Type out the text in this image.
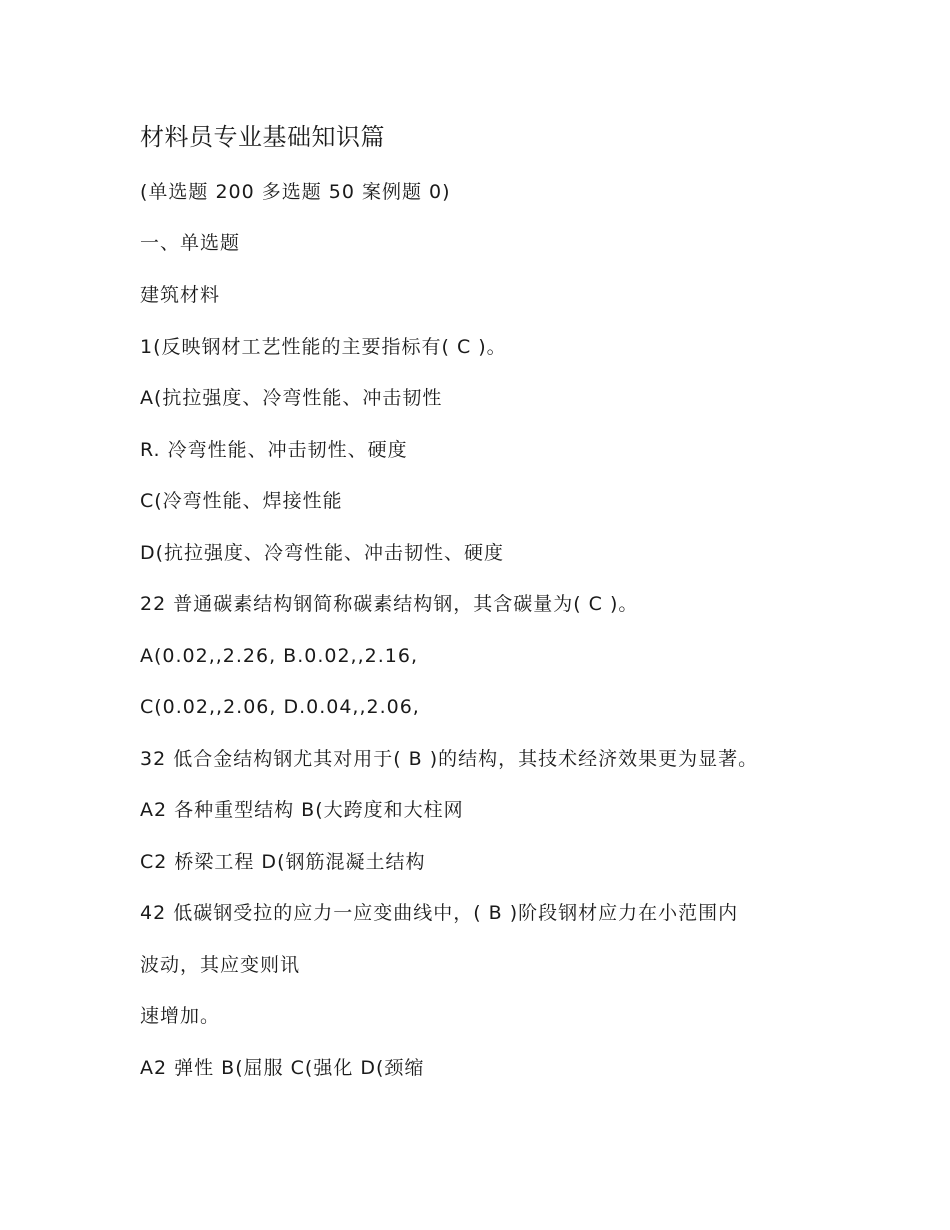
材料员专业基础知识篇
(单选题 200 多选题 50 案例题 0)
一、单选题
建筑材料
1(反映钢材工艺性能的主要指标有( C )。
A(抗拉强度、冷弯性能、冲击韧性
R. 冷弯性能、冲击韧性、硬度
C(冷弯性能、焊接性能
D(抗拉强度、冷弯性能、冲击韧性、硬度
22 普通碳素结构钢简称碳素结构钢，其含碳量为( C )。
A(0.02,,2.26, B.0.02,,2.16,
C(0.02,,2.06, D.0.04,,2.06,
32 低合金结构钢尤其对用于( B )的结构，其技术经济效果更为显著。
A2 各种重型结构 B(大跨度和大柱网
C2 桥梁工程 D(钢筋混凝土结构
42 低碳钢受拉的应力一应变曲线中，( B )阶段钢材应力在小范围内
波动，其应变则讯
速增加。
A2 弹性 B(屈服 C(强化 D(颈缩
